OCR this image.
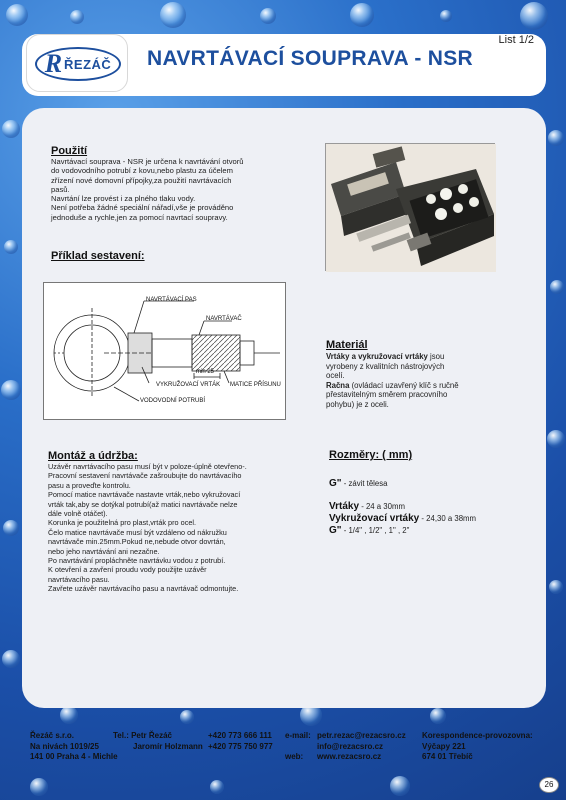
R ŘEZÁČ
List 1/2
NAVRTÁVACÍ SOUPRAVA - NSR
Použití

Navrtávací souprava - NSR je určena k navrtávání otvorů

do vodovodního potrubí z kovu,nebo plastu za účelem

zřízení nové domovní přípojky,za použití navrtávacích

pasů.

Navrtání lze provést i za plného tlaku vody.

Není potřeba žádné speciální nářadí,vše je prováděno

jednoduše a rychle,jen za pomocí navrtací soupravy.

Příklad sestavení:
NAVRTÁVACÍ PAS
NAVRTÁVAČ
min 25
VYKRUŽOVACÍ VRTÁK MATICE PŘÍSUNU
VODOVODNÍ POTRUBÍ
Materiál

Vrtáky a vykružovací vrtáky jsou

vyrobeny z kvalitních nástrojových

ocelí.

Račna (ovládací uzavřený klíč s ručně

přestavitelným směrem pracovního

pohybu) je z oceli.

Montáž a údržba:

Uzávěr navrtávacího pasu musí být v poloze-úplně otevřeno-.

Pracovní sestavení navrtávače zašroubujte do navrtávacího

pasu a proveďte kontrolu.

Pomocí matice navrtávače nastavte vrták,nebo vykružovací

vrták tak,aby se dotýkal potrubí(až matici navrtávače nelze

dále volně otáčet).

Korunka je použitelná pro plast,vrták pro ocel.

Čelo matice navrtávače musí být vzdáleno od nákružku

navrtávače min.25mm.Pokud ne,nebude otvor dovrtán,

nebo jeho navrtávání ani nezačne.

Po navrtávání propláchněte navrtávku vodou z potrubí.

K otevření a zavření proudu vody použijte uzávěr

navrtávacího pasu.

Zavřete uzávěr navrtávacího pasu a navrtávač odmontujte.

Rozměry: ( mm)
G" - závit tělesa
Vrtáky - 24 a 30mm
Vykružovací vrtáky - 24,30 a 38mm
G" - 1/4" , 1/2" , 1" , 2"
Řezáč s.r.o.
Na nivách 1019/25
141 00 Praha 4 - Michle
Tel.: Petr Řezáč
Jaromír Holzmann
+420 773 666 111
+420 775 750 977
e-mail:

web:
petr.rezac@rezacsro.cz
info@rezacsro.cz
www.rezacsro.cz
Korespondence-provozovna:
Výčapy 221
674 01 Třebíč
26
